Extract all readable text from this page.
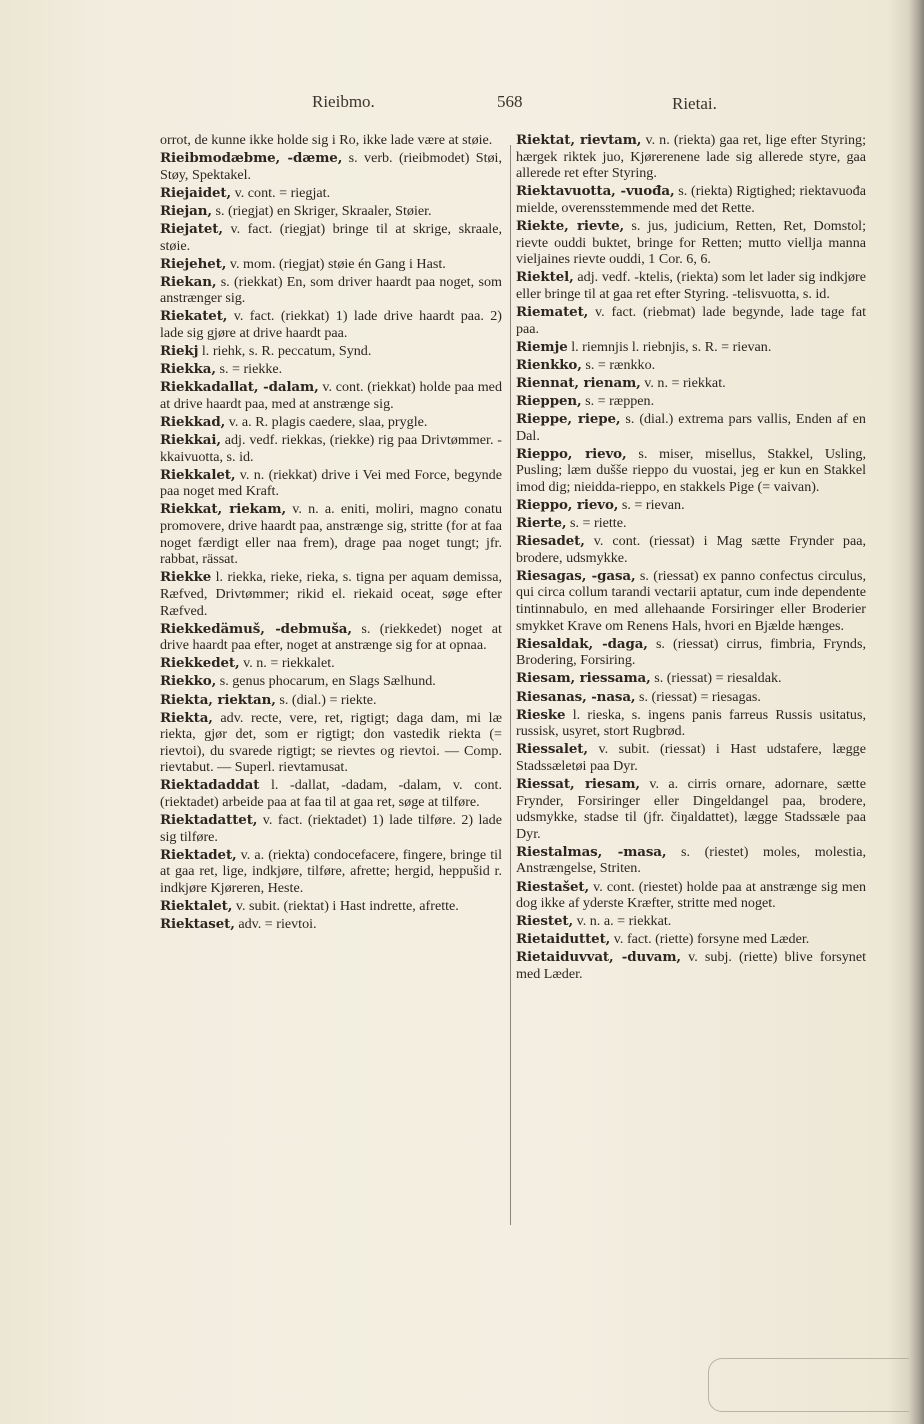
Rieibmo.	568	Rietai.

orrot, de kunne ikke holde sig i Ro, ikke lade være at støie.

Rieibmodæbme, -dæme, s. verb. (rieibmodet) Støi, Støy, Spektakel.

Riejaidet, v. cont. = riegjat.

Riejan, s. (riegjat) en Skriger, Skraaler, Støier.

Riejatet, v. fact. (riegjat) bringe til at skrige, skraale, støie.

Riejehet, v. mom. (riegjat) støie én Gang i Hast.

Riekan, s. (riekkat) En, som driver haardt paa noget, som anstrænger sig.

Riekatet, v. fact. (riekkat) 1) lade drive haardt paa. 2) lade sig gjøre at drive haardt paa.

Riekj l. riehk, s. R. peccatum, Synd.

Riekka, s. = riekke.

Riekkadallat, -dalam, v. cont. (riekkat) holde paa med at drive haardt paa, med at anstrænge sig.

Riekkad, v. a. R. plagis caedere, slaa, prygle.

Riekkai, adj. vedf. riekkas, (riekke) rig paa Drivtømmer. -kkaivuotta, s. id.

Riekkalet, v. n. (riekkat) drive i Vei med Force, begynde paa noget med Kraft.

Riekkat, riekam, v. n. a. eniti, moliri, magno conatu promovere, drive haardt paa, anstrænge sig, stritte (for at faa noget færdigt eller naa frem), drage paa noget tungt; jfr. rabbat, rässat.

Riekke l. riekka, rieke, rieka, s. tigna per aquam demissa, Ræfved, Drivtømmer; rikid el. riekaid oceat, søge efter Ræfved.

Riekkedämuš, -debmuša, s. (riekkedet) noget at drive haardt paa efter, noget at anstrænge sig for at opnaa.

Riekkedet, v. n. = riekkalet.

Riekko, s. genus phocarum, en Slags Sælhund.

Riekta, riektan, s. (dial.) = riekte.

Riekta, adv. recte, vere, ret, rigtigt; daga dam, mi læ riekta, gjør det, som er rigtigt; don vastedik riekta (= rievtoi), du svarede rigtigt; se rievtes og rievtoi. — Comp. rievtabut. — Superl. rievtamusat.

Riektadaddat l. -dallat, -dadam, -dalam, v. cont. (riektadet) arbeide paa at faa til at gaa ret, søge at tilføre.

Riektadattet, v. fact. (riektadet) 1) lade tilføre. 2) lade sig tilføre.

Riektadet, v. a. (riekta) condocefacere, fingere, bringe til at gaa ret, lige, indkjøre, tilføre, afrette; hergid, heppušid r. indkjøre Kjøreren, Heste.

Riektalet, v. subit. (riektat) i Hast indrette, afrette.

Riektaset, adv. = rievtoi.

Riektat, rievtam, v. n. (riekta) gaa ret, lige efter Styring; hærgek riktek juo, Kjørerenene lade sig allerede styre, gaa allerede ret efter Styring.

Riektavuotta, -vuođa, s. (riekta) Rigtighed; riektavuođa mielde, overensstemmende med det Rette.

Riekte, rievte, s. jus, judicium, Retten, Ret, Domstol; rievte ouddi buktet, bringe for Retten; mutto viellja manna vieljaines rievte ouddi, 1 Cor. 6, 6.

Riektel, adj. vedf. -ktelis, (riekta) som let lader sig indkjøre eller bringe til at gaa ret efter Styring. -telisvuotta, s. id.

Riematet, v. fact. (riebmat) lade begynde, lade tage fat paa.

Riemje l. riemnjis l. riebnjis, s. R. = rievan.

Rienkko, s. = rænkko.

Riennat, rienam, v. n. = riekkat.

Rieppen, s. = ræppen.

Rieppe, riepe, s. (dial.) extrema pars vallis, Enden af en Dal.

Rieppo, rievo, s. miser, misellus, Stakkel, Usling, Pusling; læm dušše rieppo du vuostai, jeg er kun en Stakkel imod dig; nieidda-rieppo, en stakkels Pige (= vaivan).

Rieppo, rievo, s. = rievan.

Rierte, s. = riette.

Riesadet, v. cont. (riessat) i Mag sætte Frynder paa, brodere, udsmykke.

Riesagas, -gasa, s. (riessat) ex panno confectus circulus, qui circa collum tarandi vectarii aptatur, cum inde dependente tintinnabulo, en med allehaande Forsiringer eller Broderier smykket Krave om Renens Hals, hvori en Bjælde hænges.

Riesaldak, -daga, s. (riessat) cirrus, fimbria, Frynds, Brodering, Forsiring.

Riesam, riessama, s. (riessat) = riesaldak.

Riesanas, -nasa, s. (riessat) = riesagas.

Rieske l. rieska, s. ingens panis farreus Russis usitatus, russisk, usyret, stort Rugbrød.

Riessalet, v. subit. (riessat) i Hast udstafere, lægge Stadssæletøi paa Dyr.

Riessat, riesam, v. a. cirris ornare, adornare, sætte Frynder, Forsiringer eller Dingeldangel paa, brodere, udsmykke, stadse til (jfr. čiŋaldattet), lægge Stadssæle paa Dyr.

Riestalmas, -masa, s. (riestet) moles, molestia, Anstrængelse, Striten.

Riestašet, v. cont. (riestet) holde paa at anstrænge sig men dog ikke af yderste Kræfter, stritte med noget.

Riestet, v. n. a. = riekkat.

Rietaiduttet, v. fact. (riette) forsyne med Læder.

Rietaiduvvat, -duvam, v. subj. (riette) blive forsynet med Læder.
